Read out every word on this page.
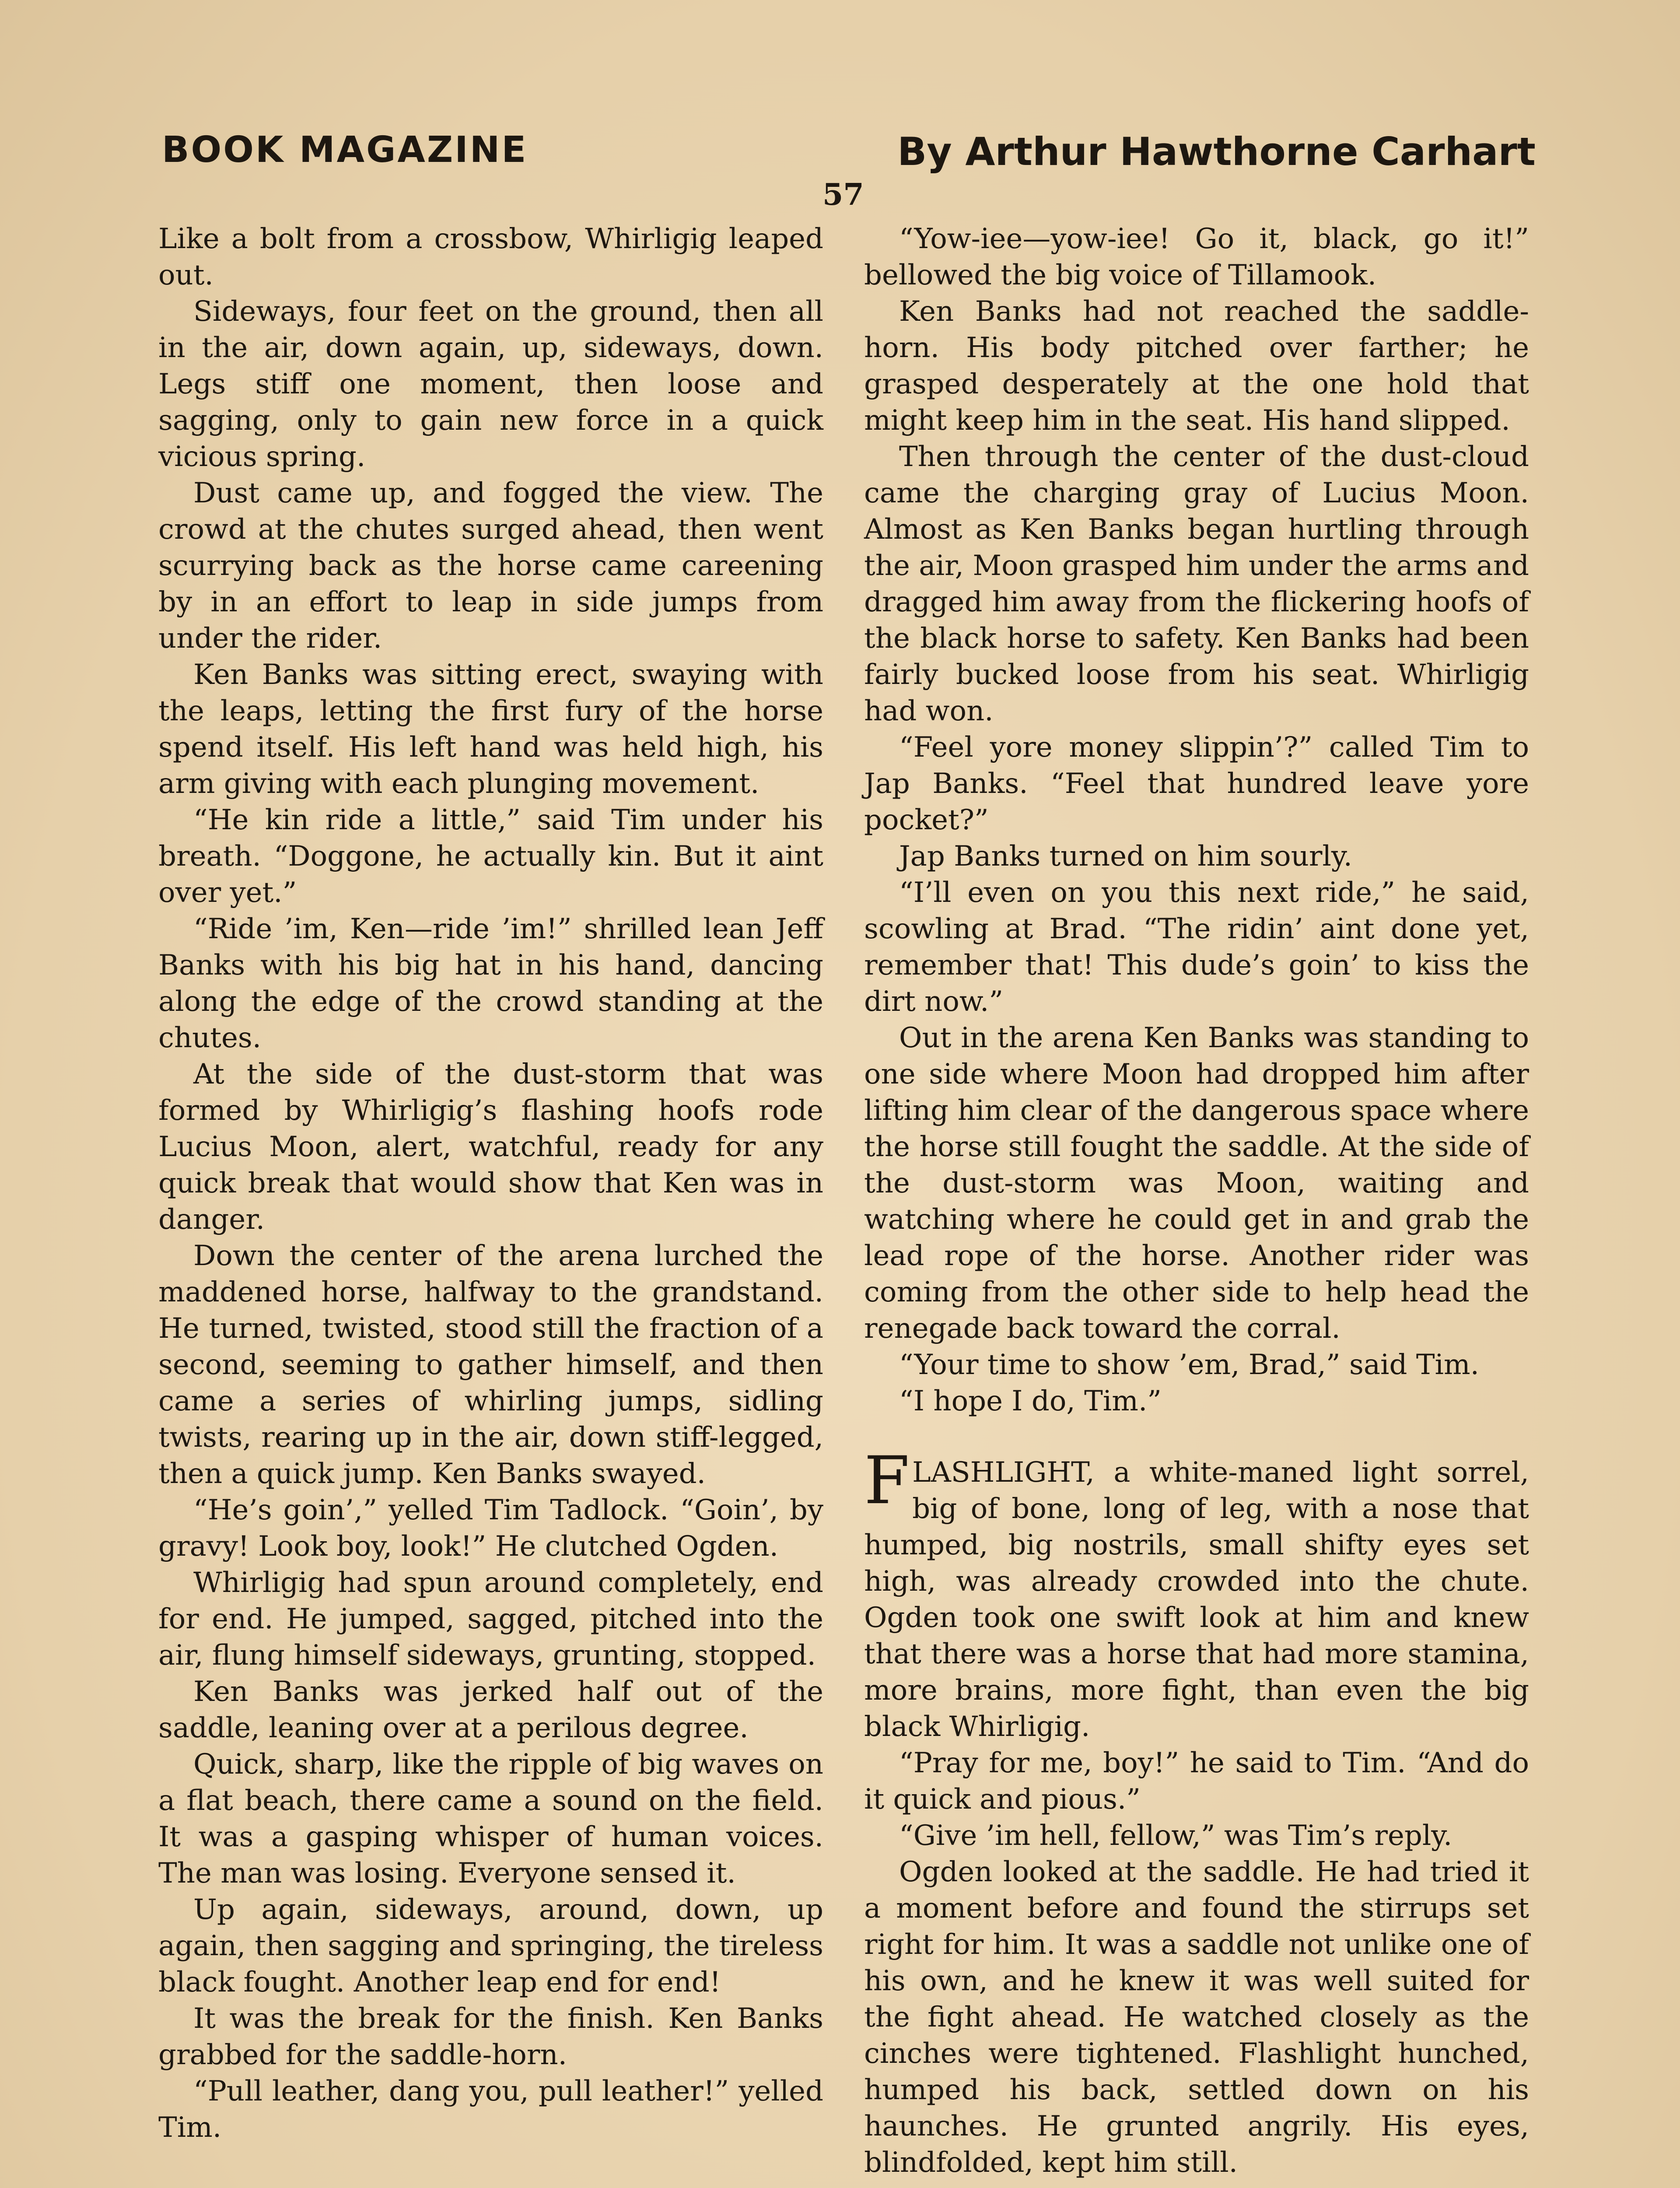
BOOK MAGAZINE	By Arthur Hawthorne Carhart
57

Like a bolt from a crossbow, Whirligig leaped out.

Sideways, four feet on the ground, then all in the air, down again, up, sideways, down. Legs stiff one moment, then loose and sagging, only to gain new force in a quick vicious spring.

Dust came up, and fogged the view. The crowd at the chutes surged ahead, then went scurrying back as the horse came careening by in an effort to leap in side jumps from under the rider.

Ken Banks was sitting erect, swaying with the leaps, letting the first fury of the horse spend itself. His left hand was held high, his arm giving with each plunging movement.

“He kin ride a little,” said Tim under his breath. “Doggone, he actually kin. But it aint over yet.”

“Ride ’im, Ken—ride ’im!” shrilled lean Jeff Banks with his big hat in his hand, dancing along the edge of the crowd standing at the chutes.

At the side of the dust-storm that was formed by Whirligig’s flashing hoofs rode Lucius Moon, alert, watchful, ready for any quick break that would show that Ken was in danger.

Down the center of the arena lurched the maddened horse, halfway to the grandstand. He turned, twisted, stood still the fraction of a second, seeming to gather himself, and then came a series of whirling jumps, sidling twists, rearing up in the air, down stiff-legged, then a quick jump. Ken Banks swayed.

“He’s goin’,” yelled Tim Tadlock. “Goin’, by gravy! Look boy, look!” He clutched Ogden.

Whirligig had spun around completely, end for end. He jumped, sagged, pitched into the air, flung himself sideways, grunting, stopped.

Ken Banks was jerked half out of the saddle, leaning over at a perilous degree.

Quick, sharp, like the ripple of big waves on a flat beach, there came a sound on the field. It was a gasping whisper of human voices. The man was losing. Everyone sensed it.

Up again, sideways, around, down, up again, then sagging and springing, the tireless black fought. Another leap end for end!

It was the break for the finish. Ken Banks grabbed for the saddle-horn.

“Pull leather, dang you, pull leather!” yelled Tim.

“Yow-iee—yow-iee! Go it, black, go it!” bellowed the big voice of Tillamook.

Ken Banks had not reached the saddle-horn. His body pitched over farther; he grasped desperately at the one hold that might keep him in the seat. His hand slipped.

Then through the center of the dust-cloud came the charging gray of Lucius Moon. Almost as Ken Banks began hurtling through the air, Moon grasped him under the arms and dragged him away from the flickering hoofs of the black horse to safety. Ken Banks had been fairly bucked loose from his seat. Whirligig had won.

“Feel yore money slippin’?” called Tim to Jap Banks. “Feel that hundred leave yore pocket?”

Jap Banks turned on him sourly.

“I’ll even on you this next ride,” he said, scowling at Brad. “The ridin’ aint done yet, remember that! This dude’s goin’ to kiss the dirt now.”

Out in the arena Ken Banks was standing to one side where Moon had dropped him after lifting him clear of the dangerous space where the horse still fought the saddle. At the side of the dust-storm was Moon, waiting and watching where he could get in and grab the lead rope of the horse. Another rider was coming from the other side to help head the renegade back toward the corral.

“Your time to show ’em, Brad,” said Tim.

“I hope I do, Tim.”

FLASHLIGHT, a white-maned light sorrel, big of bone, long of leg, with a nose that humped, big nostrils, small shifty eyes set high, was already crowded into the chute. Ogden took one swift look at him and knew that there was a horse that had more stamina, more brains, more fight, than even the big black Whirligig.

“Pray for me, boy!” he said to Tim. “And do it quick and pious.”

“Give ’im hell, fellow,” was Tim’s reply.

Ogden looked at the saddle. He had tried it a moment before and found the stirrups set right for him. It was a saddle not unlike one of his own, and he knew it was well suited for the fight ahead. He watched closely as the cinches were tightened. Flashlight hunched, humped his back, settled down on his haunches. He grunted angrily. His eyes, blindfolded, kept him still.
